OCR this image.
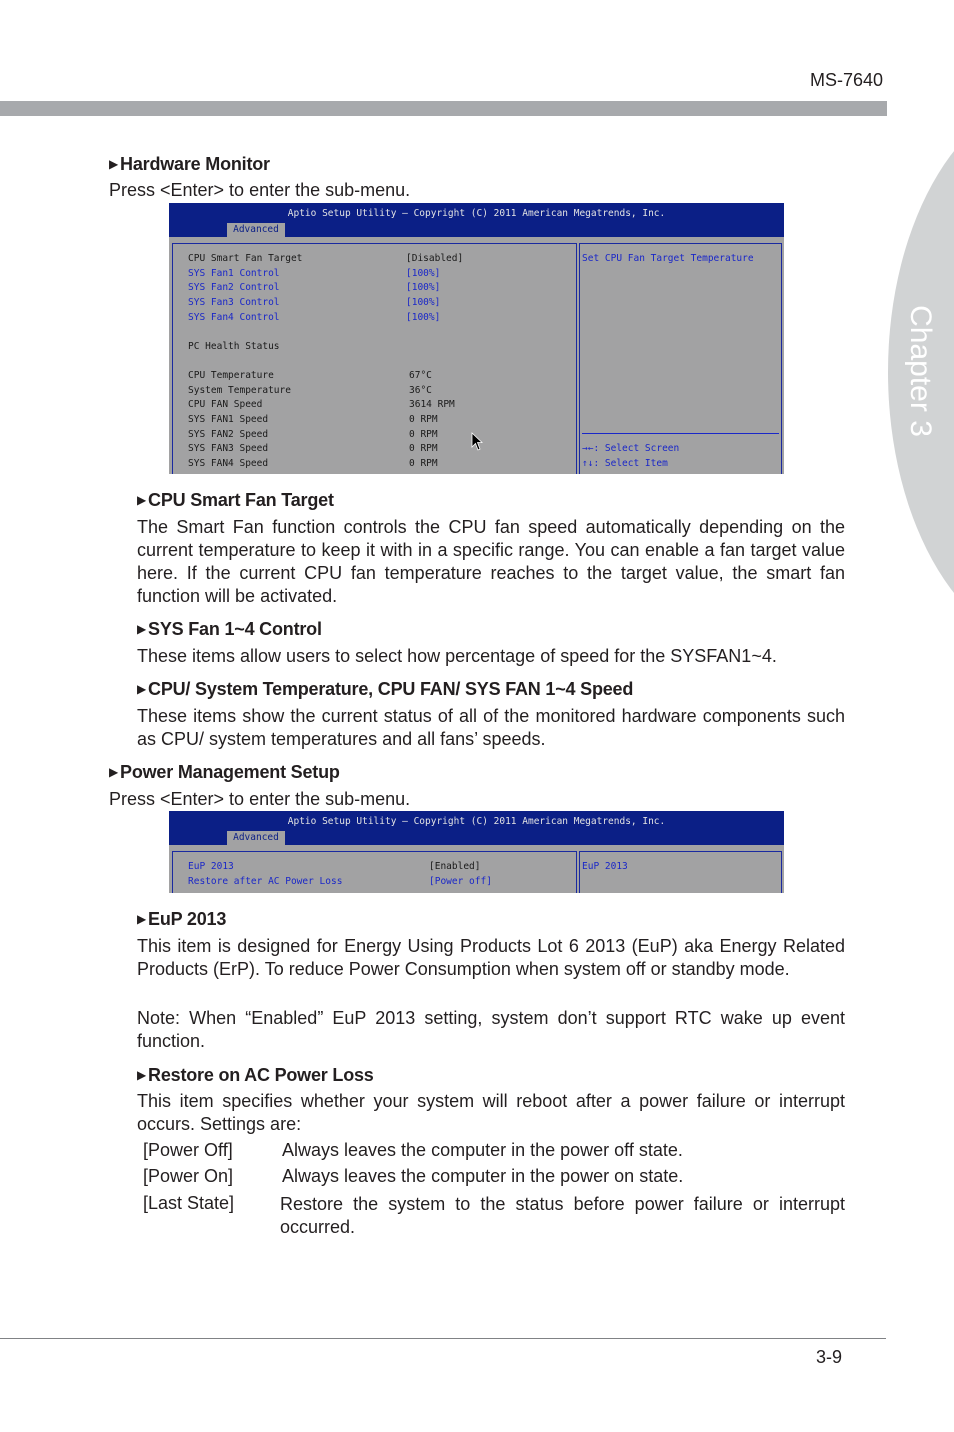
MS-7640
Chapter 3
▶ Hardware Monitor

Press <Enter> to enter the sub-menu.

Aptio Setup Utility – Copyright (C) 2011 American Megatrends, Inc.
Advanced
CPU Smart Fan Target	[Disabled]
SYS Fan1 Control	[100%]
SYS Fan2 Control	[100%]
SYS Fan3 Control	[100%]
SYS Fan4 Control	[100%]
PC Health Status
CPU Temperature	67°C
System Temperature	36°C
CPU FAN Speed	3614 RPM
SYS FAN1 Speed	0 RPM
SYS FAN2 Speed	0 RPM
SYS FAN3 Speed	0 RPM
SYS FAN4 Speed	0 RPM
Set CPU Fan Target Temperature
→←: Select Screen
↑↓: Select Item
▶ CPU Smart Fan Target

The Smart Fan function controls the CPU fan speed automatically depending on the current temperature to keep it with in a specific range. You can enable a fan target value here. If the current CPU fan temperature reaches to the target value, the smart fan function will be activated.

▶ SYS Fan 1~4 Control

These items allow users to select how percentage of speed for the SYSFAN1~4.

▶ CPU/ System Temperature, CPU FAN/ SYS FAN 1~4 Speed

These items show the current status of all of the monitored hardware components such as CPU/ system temperatures and all fans’ speeds.

▶ Power Management Setup

Press <Enter> to enter the sub-menu.

Aptio Setup Utility – Copyright (C) 2011 American Megatrends, Inc.
Advanced
EuP 2013	[Enabled]
Restore after AC Power Loss	[Power off]
EuP 2013
▶ EuP 2013

This item is designed for Energy Using Products Lot 6 2013 (EuP) aka Energy Related Products (ErP). To reduce Power Consumption when system off or standby mode.

Note: When “Enabled” EuP 2013 setting, system don’t support RTC wake up event function.

▶ Restore on AC Power Loss

This item specifies whether your system will reboot after a power failure or interrupt occurs. Settings are:

[Power Off]	Always leaves the computer in the power off state.
[Power On]	Always leaves the computer in the power on state.
[Last State]	Restore the system to the status before power failure or interrupt occurred.

3-9
